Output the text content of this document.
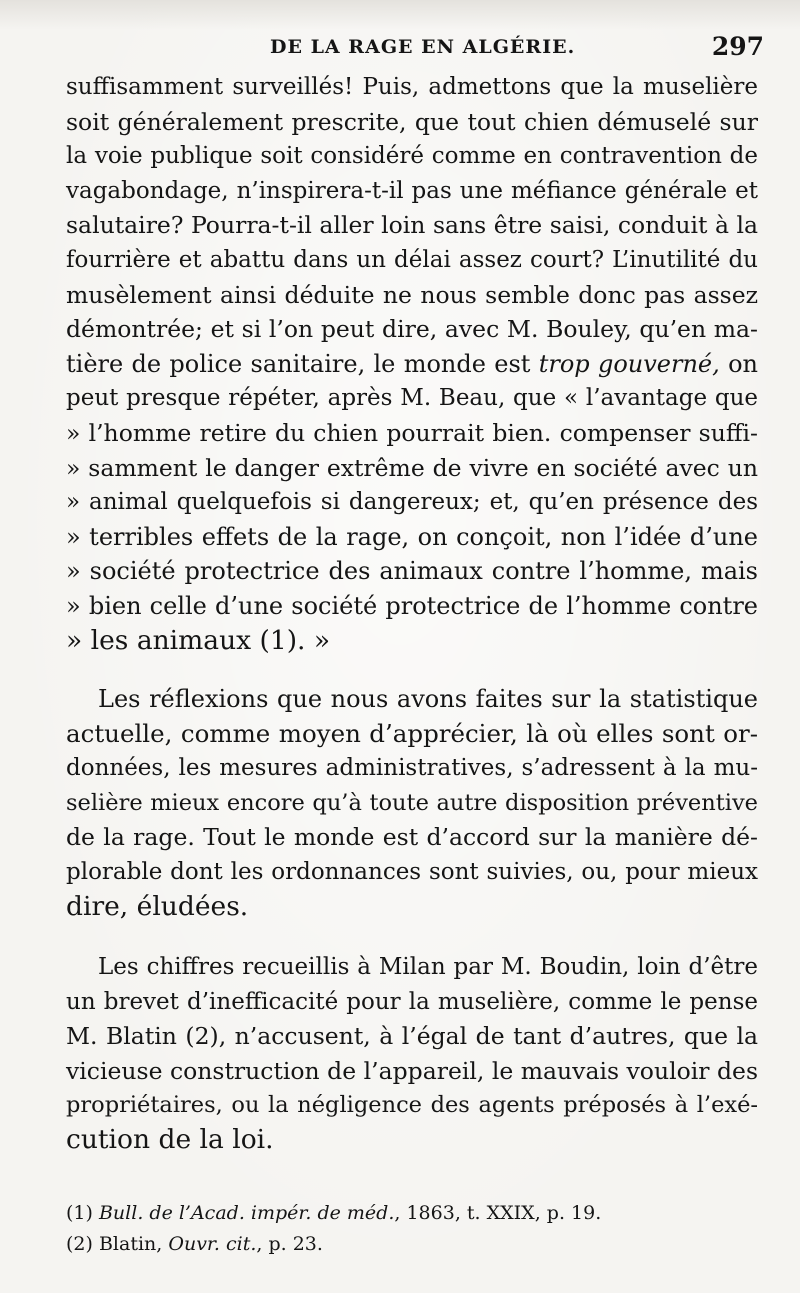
DE LA RAGE EN ALGÉRIE.	297
suffisamment surveillés! Puis, admettons que la muselière
soit généralement prescrite, que tout chien démuselé sur
la voie publique soit considéré comme en contravention de
vagabondage, n’inspirera-t-il pas une méfiance générale et
salutaire? Pourra-t-il aller loin sans être saisi, conduit à la
fourrière et abattu dans un délai assez court? L’inutilité du
musèlement ainsi déduite ne nous semble donc pas assez
démontrée; et si l’on peut dire, avec M. Bouley, qu’en ma-
tière de police sanitaire, le monde est trop gouverné, on
peut presque répéter, après M. Beau, que « l’avantage que
» l’homme retire du chien pourrait bien. compenser suffi-
» samment le danger extrême de vivre en société avec un
» animal quelquefois si dangereux; et, qu’en présence des
» terribles effets de la rage, on conçoit, non l’idée d’une
» société protectrice des animaux contre l’homme, mais
» bien celle d’une société protectrice de l’homme contre
» les animaux (1). »
Les réflexions que nous avons faites sur la statistique
actuelle, comme moyen d’apprécier, là où elles sont or-
données, les mesures administratives, s’adressent à la mu-
selière mieux encore qu’à toute autre disposition préventive
de la rage. Tout le monde est d’accord sur la manière dé-
plorable dont les ordonnances sont suivies, ou, pour mieux
dire, éludées.
Les chiffres recueillis à Milan par M. Boudin, loin d’être
un brevet d’inefficacité pour la muselière, comme le pense
M. Blatin (2), n’accusent, à l’égal de tant d’autres, que la
vicieuse construction de l’appareil, le mauvais vouloir des
propriétaires, ou la négligence des agents préposés à l’exé-
cution de la loi.
(1) Bull. de l’Acad. impér. de méd., 1863, t. XXIX, p. 19.
(2) Blatin, Ouvr. cit., p. 23.
